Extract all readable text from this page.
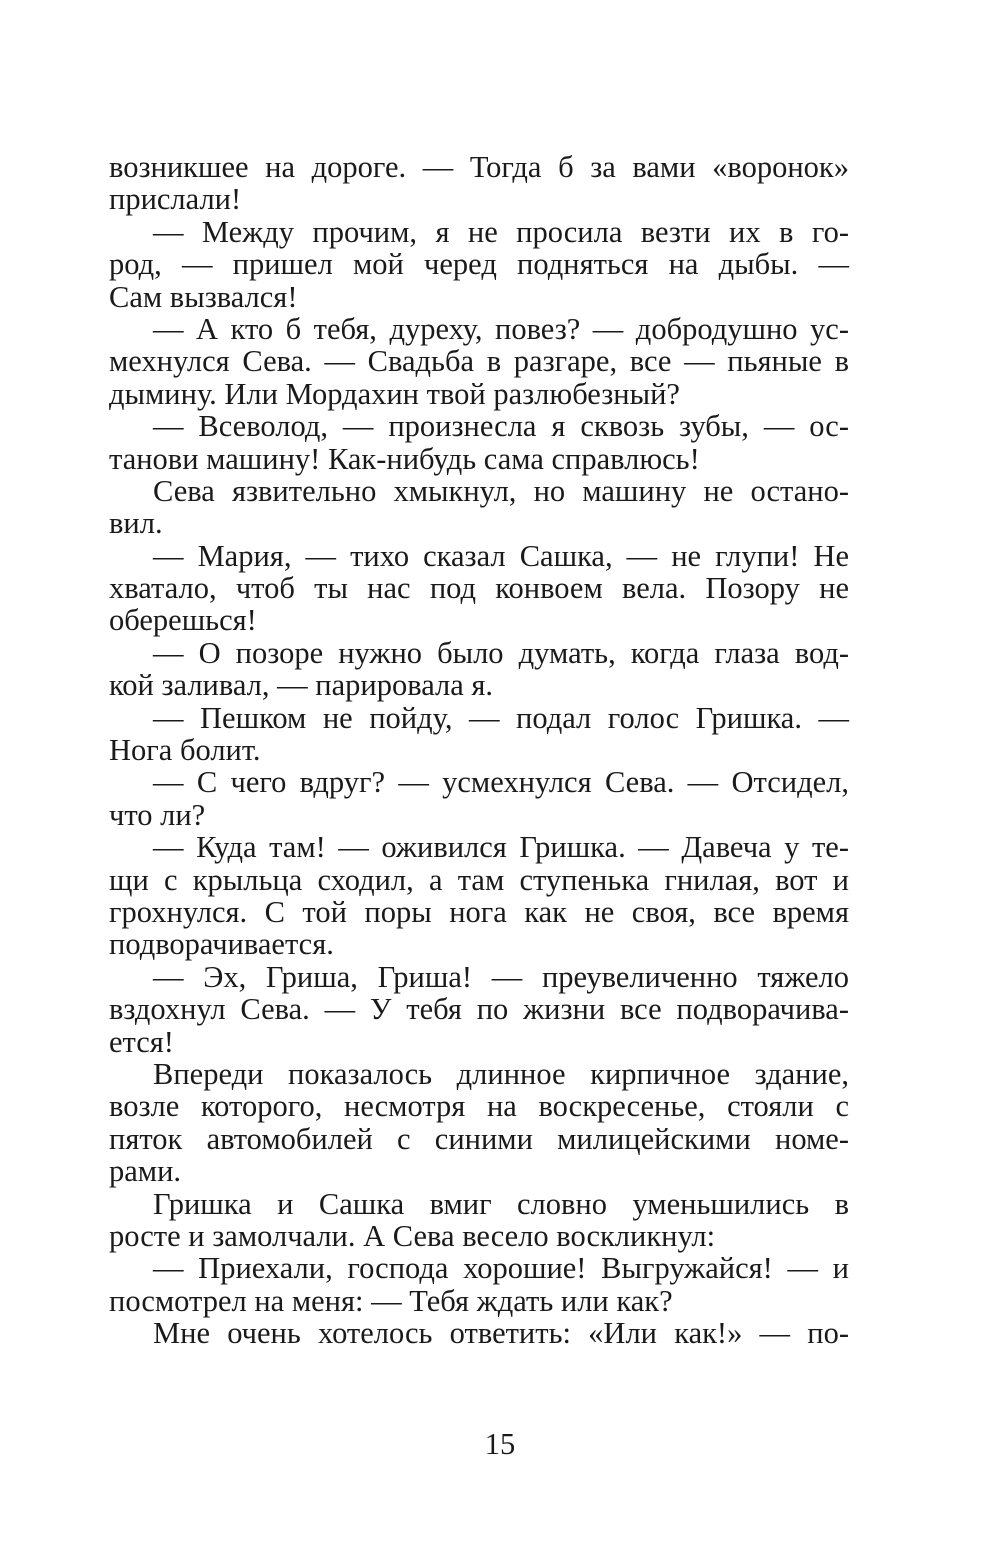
возникшее на дороге. — Тогда б за вами «воронок»
прислали!
— Между прочим, я не просила везти их в го-
род, — пришел мой черед подняться на дыбы. —
Сам вызвался!
— А кто б тебя, дуреху, повез? — добродушно ус-
мехнулся Сева. — Свадьба в разгаре, все — пьяные в
дымину. Или Мордахин твой разлюбезный?
— Всеволод, — произнесла я сквозь зубы, — ос-
танови машину! Как-нибудь сама справлюсь!
Сева язвительно хмыкнул, но машину не остано-
вил.
— Мария, — тихо сказал Сашка, — не глупи! Не
хватало, чтоб ты нас под конвоем вела. Позору не
оберешься!
— О позоре нужно было думать, когда глаза вод-
кой заливал, — парировала я.
— Пешком не пойду, — подал голос Гришка. —
Нога болит.
— С чего вдруг? — усмехнулся Сева. — Отсидел,
что ли?
— Куда там! — оживился Гришка. — Давеча у те-
щи с крыльца сходил, а там ступенька гнилая, вот и
грохнулся. С той поры нога как не своя, все время
подворачивается.
— Эх, Гриша, Гриша! — преувеличенно тяжело
вздохнул Сева. — У тебя по жизни все подворачива-
ется!
Впереди показалось длинное кирпичное здание,
возле которого, несмотря на воскресенье, стояли с
пяток автомобилей с синими милицейскими номе-
рами.
Гришка и Сашка вмиг словно уменьшились в
росте и замолчали. А Сева весело воскликнул:
— Приехали, господа хорошие! Выгружайся! — и
посмотрел на меня: — Тебя ждать или как?
Мне очень хотелось ответить: «Или как!» — по-
15
